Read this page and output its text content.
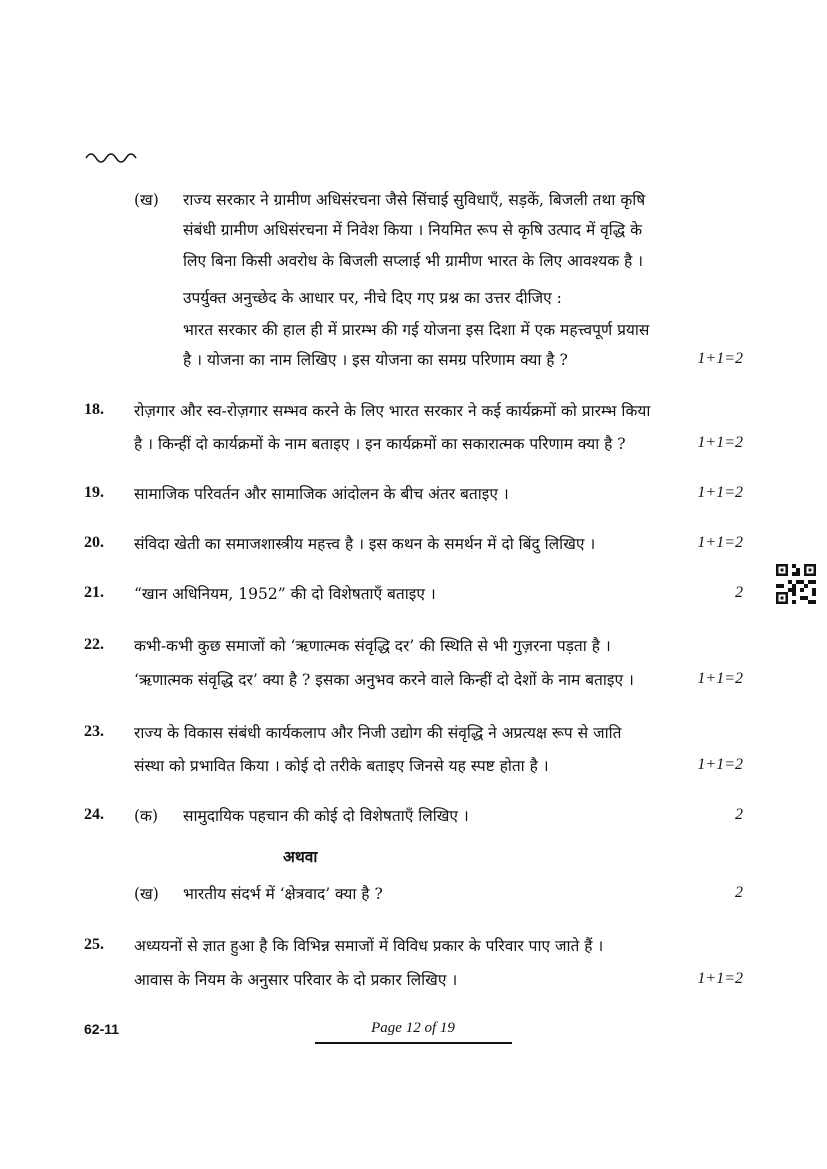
(ख) राज्य सरकार ने ग्रामीण अधिसंरचना जैसे सिंचाई सुविधाएँ, सड़कें, बिजली तथा कृषि
संबंधी ग्रामीण अधिसंरचना में निवेश किया । नियमित रूप से कृषि उत्पाद में वृद्धि के
लिए बिना किसी अवरोध के बिजली सप्लाई भी ग्रामीण भारत के लिए आवश्यक है ।
उपर्युक्त अनुच्छेद के आधार पर, नीचे दिए गए प्रश्न का उत्तर दीजिए :
भारत सरकार की हाल ही में प्रारम्भ की गई योजना इस दिशा में एक महत्त्वपूर्ण प्रयास
है । योजना का नाम लिखिए । इस योजना का समग्र परिणाम क्या है ?	1+1=2
18. रोज़गार और स्व-रोज़गार सम्भव करने के लिए भारत सरकार ने कई कार्यक्रमों को प्रारम्भ किया
है । किन्हीं दो कार्यक्रमों के नाम बताइए । इन कार्यक्रमों का सकारात्मक परिणाम क्या है ?	1+1=2
19. सामाजिक परिवर्तन और सामाजिक आंदोलन के बीच अंतर बताइए ।	1+1=2
20. संविदा खेती का समाजशास्त्रीय महत्त्व है । इस कथन के समर्थन में दो बिंदु लिखिए ।	1+1=2
21. “खान अधिनियम, 1952” की दो विशेषताएँ बताइए ।	2
22. कभी-कभी कुछ समाजों को ‘ऋणात्मक संवृद्धि दर’ की स्थिति से भी गुज़रना पड़ता है ।
‘ऋणात्मक संवृद्धि दर’ क्या है ? इसका अनुभव करने वाले किन्हीं दो देशों के नाम बताइए ।	1+1=2
23. राज्य के विकास संबंधी कार्यकलाप और निजी उद्योग की संवृद्धि ने अप्रत्यक्ष रूप से जाति
संस्था को प्रभावित किया । कोई दो तरीके बताइए जिनसे यह स्पष्ट होता है ।	1+1=2
24. (क) सामुदायिक पहचान की कोई दो विशेषताएँ लिखिए ।	2
अथवा
(ख) भारतीय संदर्भ में ‘क्षेत्रवाद’ क्या है ?	2
25. अध्ययनों से ज्ञात हुआ है कि विभिन्न समाजों में विविध प्रकार के परिवार पाए जाते हैं ।
आवास के नियम के अनुसार परिवार के दो प्रकार लिखिए ।	1+1=2
62-11	Page 12 of 19
